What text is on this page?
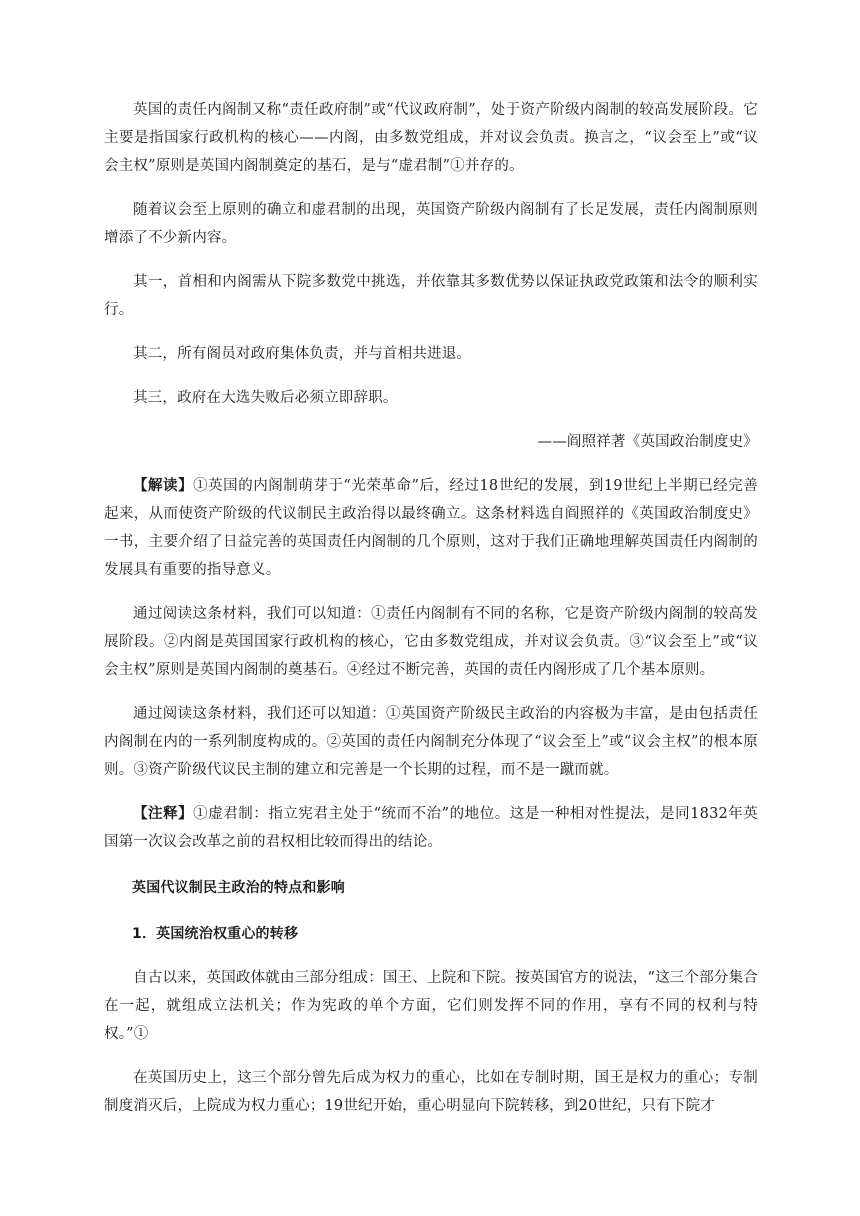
英国的责任内阁制又称“责任政府制”或“代议政府制”，处于资产阶级内阁制的较高发展阶段。它主要是指国家行政机构的核心——内阁，由多数党组成，并对议会负责。换言之，“议会至上”或“议会主权”原则是英国内阁制奠定的基石，是与“虚君制”①并存的。

随着议会至上原则的确立和虚君制的出现，英国资产阶级内阁制有了长足发展，责任内阁制原则增添了不少新内容。

其一，首相和内阁需从下院多数党中挑选，并依靠其多数优势以保证执政党政策和法令的顺利实行。

其二，所有阁员对政府集体负责，并与首相共进退。

其三，政府在大选失败后必须立即辞职。

——阎照祥著《英国政治制度史》

【解读】①英国的内阁制萌芽于“光荣革命”后，经过18世纪的发展，到19世纪上半期已经完善起来，从而使资产阶级的代议制民主政治得以最终确立。这条材料选自阎照祥的《英国政治制度史》一书，主要介绍了日益完善的英国责任内阁制的几个原则，这对于我们正确地理解英国责任内阁制的发展具有重要的指导意义。

通过阅读这条材料，我们可以知道：①责任内阁制有不同的名称，它是资产阶级内阁制的较高发展阶段。②内阁是英国国家行政机构的核心，它由多数党组成，并对议会负责。③“议会至上”或“议会主权”原则是英国内阁制的奠基石。④经过不断完善，英国的责任内阁形成了几个基本原则。

通过阅读这条材料，我们还可以知道：①英国资产阶级民主政治的内容极为丰富，是由包括责任内阁制在内的一系列制度构成的。②英国的责任内阁制充分体现了“议会至上”或“议会主权”的根本原则。③资产阶级代议民主制的建立和完善是一个长期的过程，而不是一蹴而就。

【注释】①虚君制：指立宪君主处于“统而不治”的地位。这是一种相对性提法，是同1832年英国第一次议会改革之前的君权相比较而得出的结论。

英国代议制民主政治的特点和影响

1．英国统治权重心的转移

自古以来，英国政体就由三部分组成：国王、上院和下院。按英国官方的说法，“这三个部分集合在一起，就组成立法机关；作为宪政的单个方面，它们则发挥不同的作用，享有不同的权利与特权。”①

在英国历史上，这三个部分曾先后成为权力的重心，比如在专制时期，国王是权力的重心；专制制度消灭后，上院成为权力重心；19世纪开始，重心明显向下院转移，到20世纪，只有下院才
